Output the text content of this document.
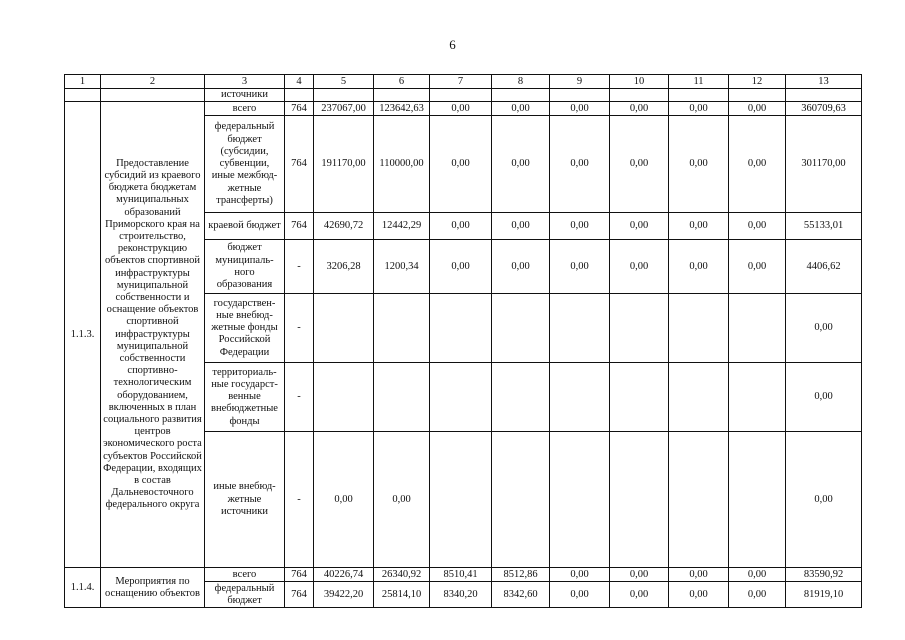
6
1	2	3	4	5	6	7	8	9	10	11	12	13
		источники										
1.1.3.	Предоставление субсидий из краевого бюджета бюджетам муниципальных образований Приморского края на строительство, реконструкцию объектов спортивной инфраструктуры муниципальной собственности и оснащение объектов спортивной инфраструктуры муниципальной собственности спортивно-технологическим оборудованием, включенных в план социального развития центров экономического роста субъектов Российской Федерации, входящих в состав Дальневосточного федерального округа	всего	764	237067,00	123642,63	0,00	0,00	0,00	0,00	0,00	0,00	360709,63
		федеральный бюджет (субсидии, субвенции, иные межбюд-жетные трансферты)	764	191170,00	110000,00	0,00	0,00	0,00	0,00	0,00	0,00	301170,00
		краевой бюджет	764	42690,72	12442,29	0,00	0,00	0,00	0,00	0,00	0,00	55133,01
		бюджет муниципаль-ного образования	-	3206,28	1200,34	0,00	0,00	0,00	0,00	0,00	0,00	4406,62
		государствен-ные внебюд-жетные фонды Российской Федерации	-									0,00
		территориаль-ные государст-венные внебюджетные фонды	-									0,00
		иные внебюд-жетные источники	-	0,00	0,00							0,00
1.1.4.	Мероприятия по оснащению объектов	всего	764	40226,74	26340,92	8510,41	8512,86	0,00	0,00	0,00	0,00	83590,92
		федеральный бюджет	764	39422,20	25814,10	8340,20	8342,60	0,00	0,00	0,00	0,00	81919,10
